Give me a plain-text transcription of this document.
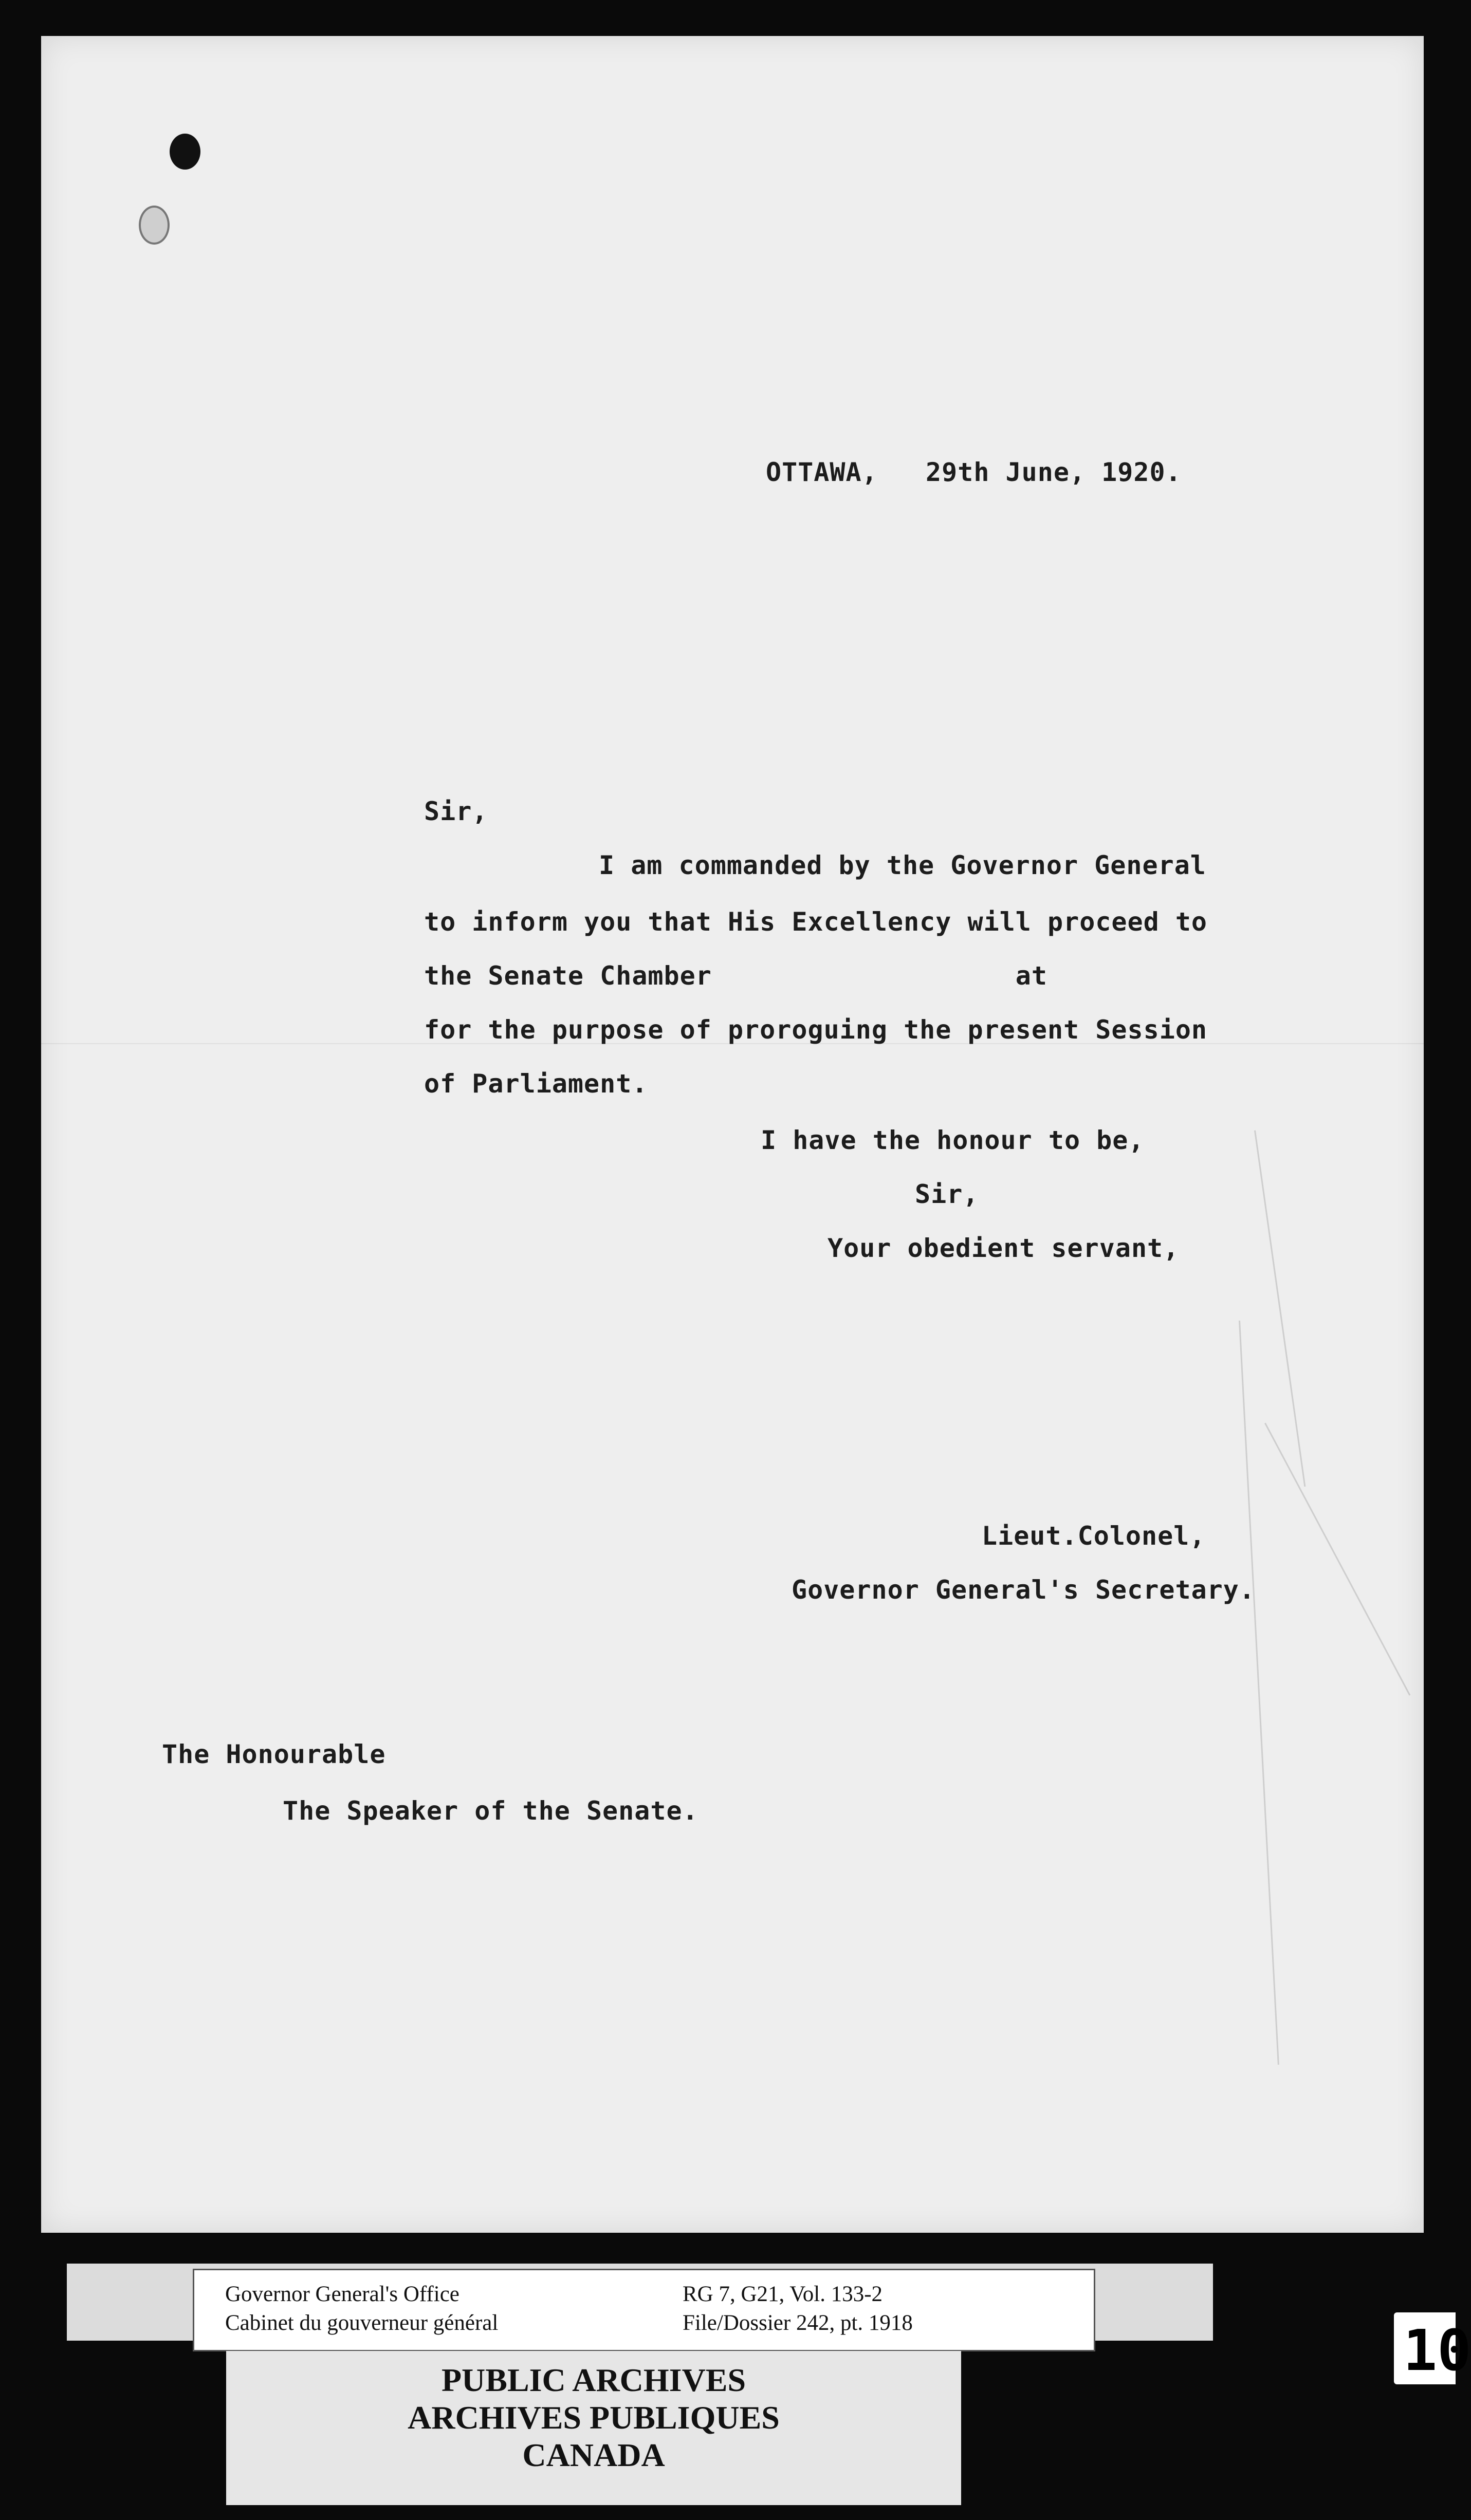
OTTAWA,   29th June, 1920.
Sir,
I am commanded by the Governor General
to inform you that His Excellency will proceed to
the Senate Chamber                   at
for the purpose of proroguing the present Session
of Parliament.
I have the honour to be,
Sir,
Your obedient servant,
Lieut.Colonel,
Governor General's Secretary.
The Honourable
The Speaker of the Senate.
Governor General's Office
Cabinet du gouverneur général
RG 7, G21, Vol. 133-2
File/Dossier 242, pt. 1918
PUBLIC ARCHIVES
ARCHIVES PUBLIQUES
CANADA
10
